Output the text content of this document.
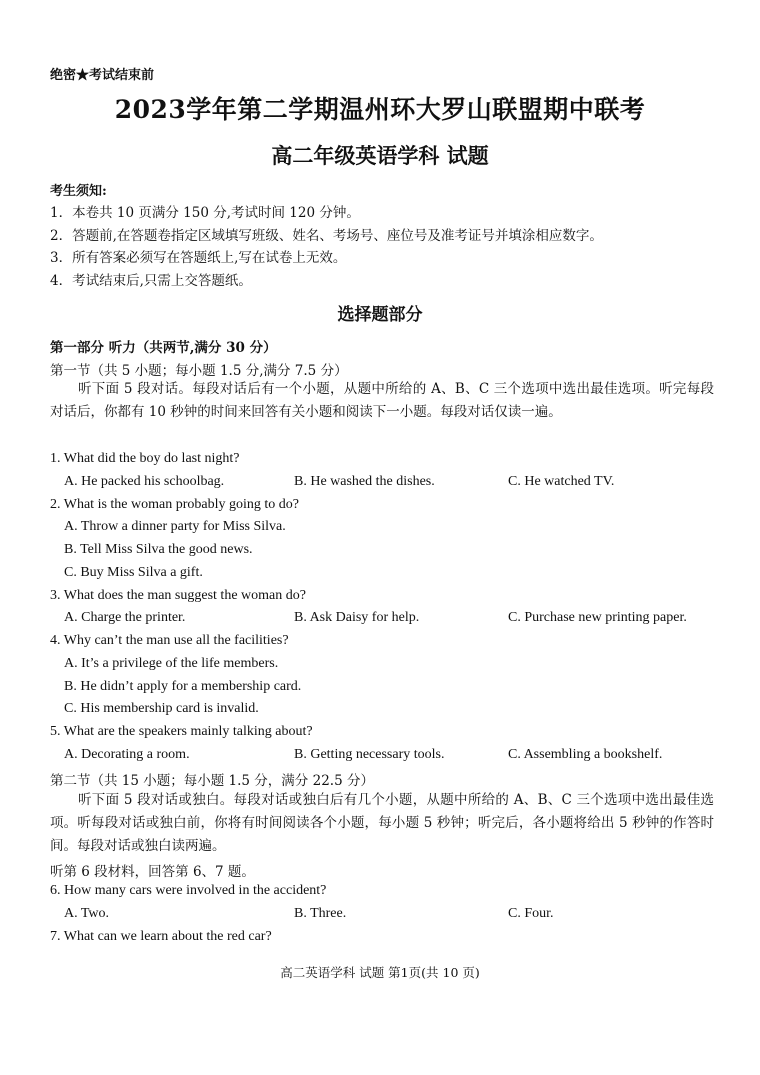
绝密★考试结束前
2023学年第二学期温州环大罗山联盟期中联考
高二年级英语学科 试题
考生须知:
1．本卷共 10 页满分 150 分,考试时间 120 分钟。
2．答题前,在答题卷指定区域填写班级、姓名、考场号、座位号及准考证号并填涂相应数字。
3．所有答案必须写在答题纸上,写在试卷上无效。
4．考试结束后,只需上交答题纸。
选择题部分
第一部分 听力（共两节,满分 30 分）
第一节（共 5 小题；每小题 1.5 分,满分 7.5 分）
听下面 5 段对话。每段对话后有一个小题，从题中所给的 A、B、C 三个选项中选出最佳选项。听完每段对话后，你都有 10 秒钟的时间来回答有关小题和阅读下一小题。每段对话仅读一遍。
1. What did the boy do last night?
A. He packed his schoolbag.	B. He washed the dishes.	C. He watched TV.
2. What is the woman probably going to do?
A. Throw a dinner party for Miss Silva.
B. Tell Miss Silva the good news.
C. Buy Miss Silva a gift.
3. What does the man suggest the woman do?
A. Charge the printer.	B. Ask Daisy for help.	C. Purchase new printing paper.
4. Why can’t the man use all the facilities?
A. It’s a privilege of the life members.
B. He didn’t apply for a membership card.
C. His membership card is invalid.
5. What are the speakers mainly talking about?
A. Decorating a room.	B. Getting necessary tools.	C. Assembling a bookshelf.
第二节（共 15 小题；每小题 1.5 分，满分 22.5 分）
听下面 5 段对话或独白。每段对话或独白后有几个小题，从题中所给的 A、B、C 三个选项中选出最佳选项。听每段对话或独白前，你将有时间阅读各个小题，每小题 5 秒钟；听完后，各小题将给出 5 秒钟的作答时间。每段对话或独白读两遍。
听第 6 段材料，回答第 6、7 题。
6. How many cars were involved in the accident?
A. Two.	B. Three.	C. Four.
7. What can we learn about the red car?
高二英语学科 试题 第1页(共 10 页)
